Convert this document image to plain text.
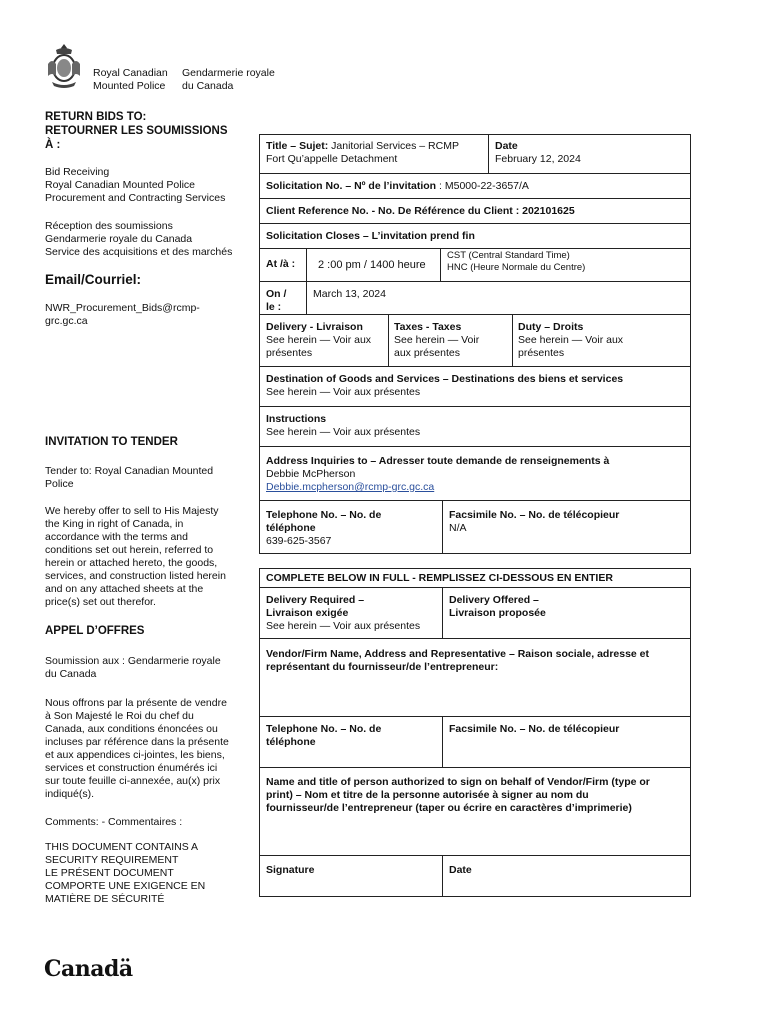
Royal Canadian
Mounted Police
Gendarmerie royale
du Canada
RETURN BIDS TO:
RETOURNER LES SOUMISSIONS
À :
Bid Receiving
Royal Canadian Mounted Police
Procurement and Contracting Services
Réception des soumissions
Gendarmerie royale du Canada
Service des acquisitions et des marchés
Email/Courriel:
NWR_Procurement_Bids@rcmp-
grc.gc.ca
INVITATION TO TENDER
Tender to: Royal Canadian Mounted
Police
We hereby offer to sell to His Majesty
the King in right of Canada, in
accordance with the terms and
conditions set out herein, referred to
herein or attached hereto, the goods,
services, and construction listed herein
and on any attached sheets at the
price(s) set out therefor.
APPEL D’OFFRES
Soumission aux : Gendarmerie royale
du Canada
Nous offrons par la présente de vendre
à Son Majesté le Roi du chef du
Canada, aux conditions énoncées ou
incluses par référence dans la présente
et aux appendices ci-jointes, les biens,
services et construction énumérés ici
sur toute feuille ci-annexée, au(x) prix
indiqué(s).
Comments: - Commentaires :
THIS DOCUMENT CONTAINS A
SECURITY REQUIREMENT
LE PRÉSENT DOCUMENT
COMPORTE UNE EXIGENCE EN
MATIÈRE DE SÉCURITÉ
Title – Sujet: Janitorial Services – RCMP
Fort Qu’appelle Detachment
Date
February 12, 2024
Solicitation No. – Nº de l’invitation : M5000-22-3657/A
Client Reference No. - No. De Référence du Client : 202101625
Solicitation Closes – L’invitation prend fin
At /à : 2 :00 pm / 1400 heure
CST (Central Standard Time)
HNC (Heure Normale du Centre)
On /
le :
March 13, 2024
Delivery - Livraison
See herein — Voir aux
présentes
Taxes - Taxes
See herein — Voir
aux présentes
Duty – Droits
See herein — Voir aux
présentes
Destination of Goods and Services – Destinations des biens et services
See herein — Voir aux présentes
Instructions
See herein — Voir aux présentes
Address Inquiries to – Adresser toute demande de renseignements à
Debbie McPherson
Debbie.mcpherson@rcmp-grc.gc.ca
Telephone No. – No. de
téléphone
639-625-3567
Facsimile No. – No. de télécopieur
N/A
COMPLETE BELOW IN FULL - REMPLISSEZ CI-DESSOUS EN ENTIER
Delivery Required –
Livraison exigée
See herein — Voir aux présentes
Delivery Offered –
Livraison proposée
Vendor/Firm Name, Address and Representative – Raison sociale, adresse et
représentant du fournisseur/de l’entrepreneur:
Telephone No. – No. de
téléphone
Facsimile No. – No. de télécopieur
Name and title of person authorized to sign on behalf of Vendor/Firm (type or
print) – Nom et titre de la personne autorisée à signer au nom du
fournisseur/de l’entrepreneur (taper ou écrire en caractères d’imprimerie)
Signature	Date
Canadä
